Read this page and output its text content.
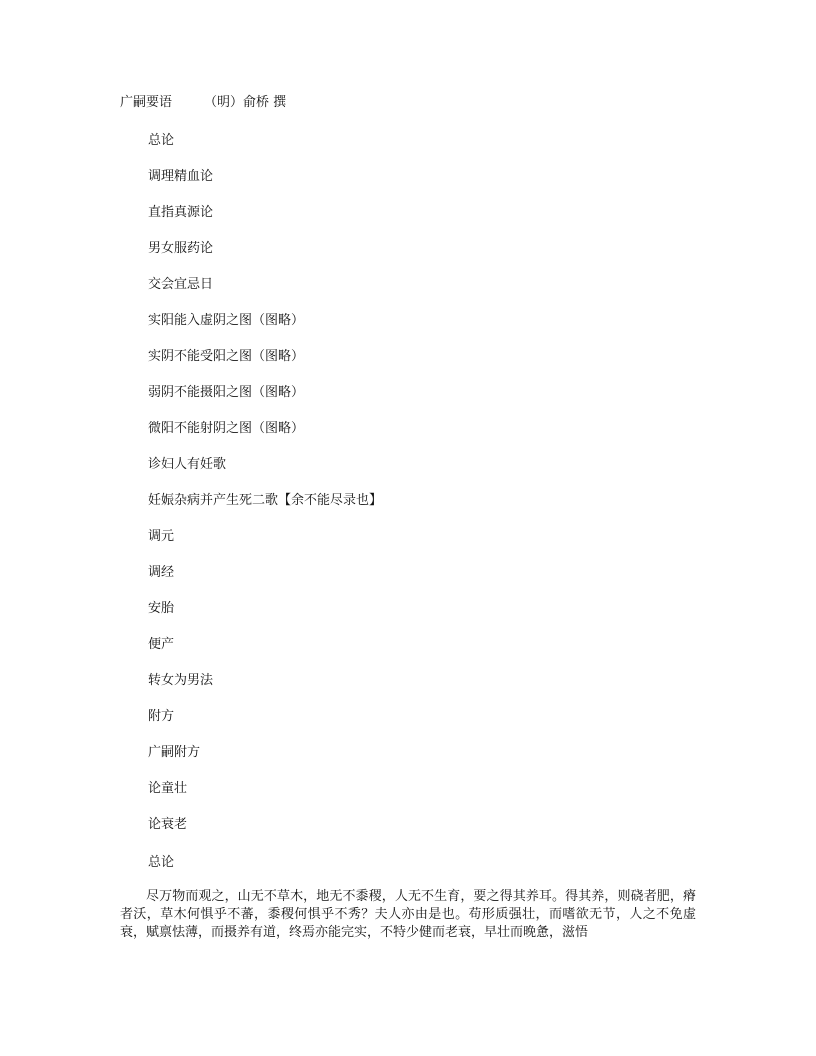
广嗣要语 （明）俞桥 撰
总论
调理精血论
直指真源论
男女服药论
交会宜忌日
实阳能入虚阴之图（图略）
实阴不能受阳之图（图略）
弱阴不能摄阳之图（图略）
微阳不能射阴之图（图略）
诊妇人有妊歌
妊娠杂病并产生死二歌【余不能尽录也】
调元
调经
安胎
便产
转女为男法
附方
广嗣附方
论童壮
论衰老
总论

尽万物而观之，山无不草木，地无不黍稷，人无不生育，要之得其养耳。得其养，则硗者肥，瘠者沃，草木何惧乎不蕃，黍稷何惧乎不秀？夫人亦由是也。苟形质强壮，而嗜欲无节，人之不免虚衰，赋禀怯薄，而摄养有道，终焉亦能完实，不特少健而老衰，早壮而晚惫，滋悟
